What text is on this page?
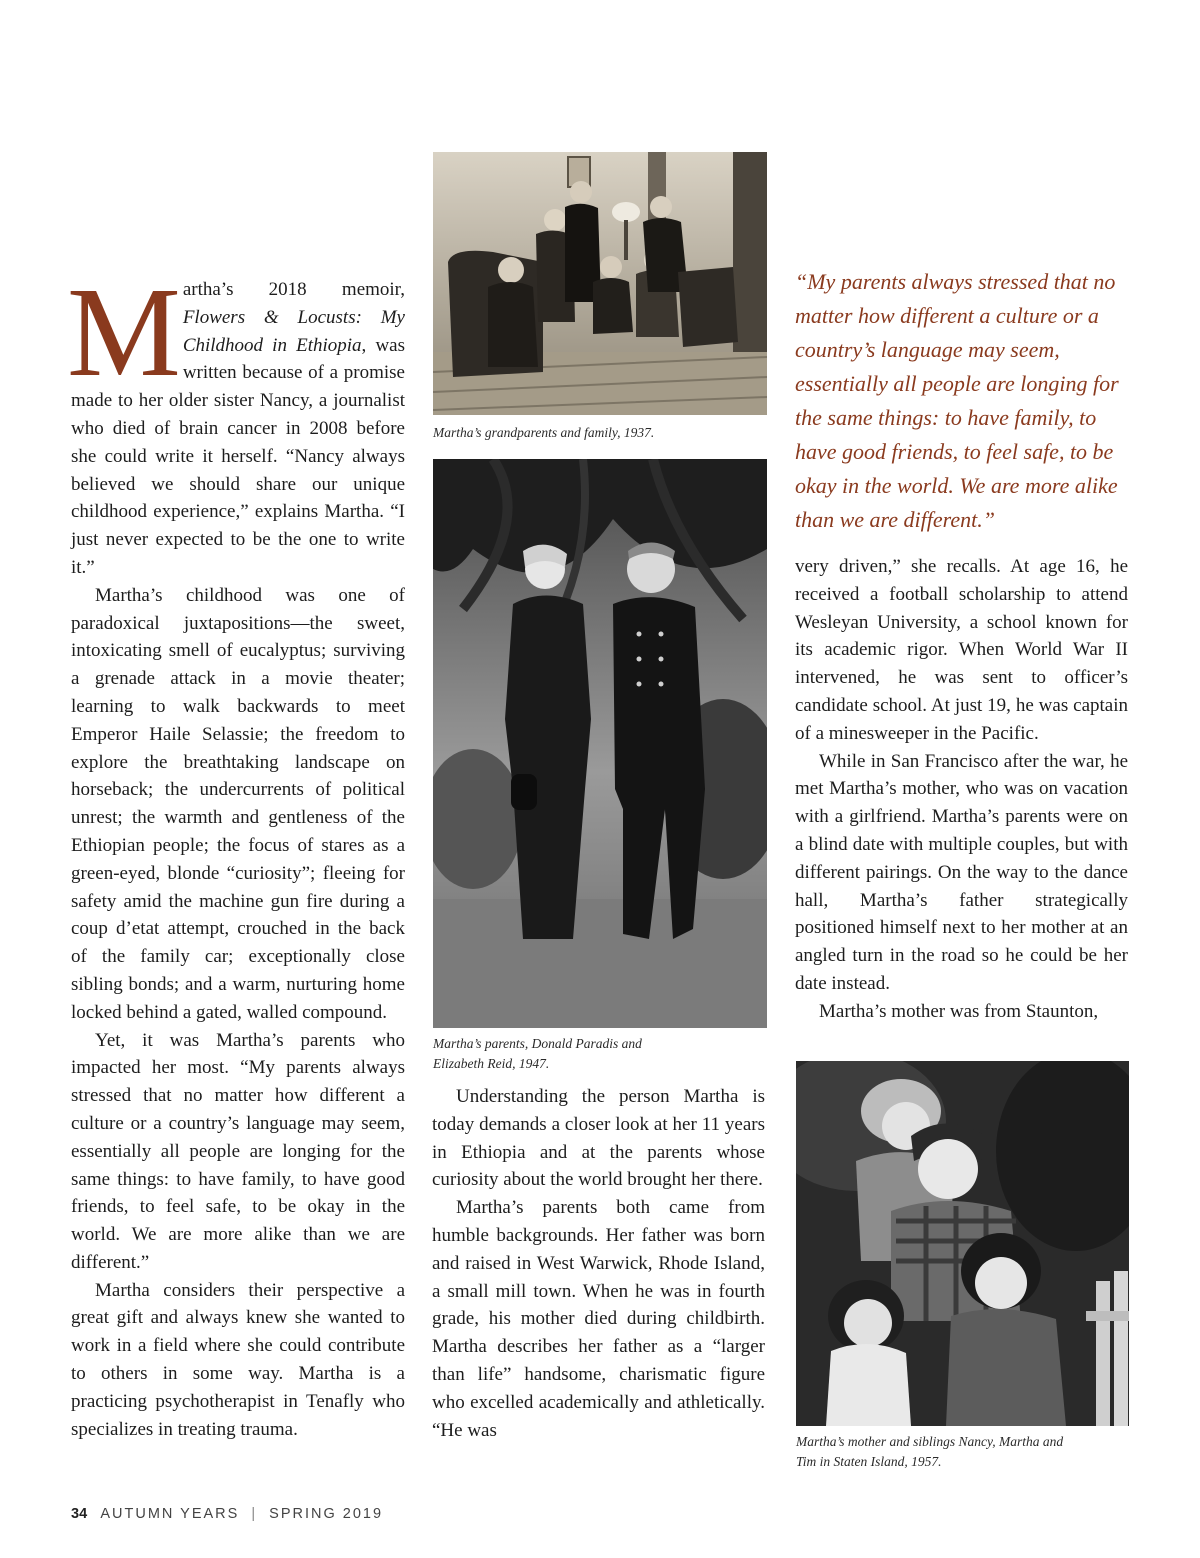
Martha’s 2018 memoir, Flowers & Locusts: My Childhood in Ethiopia, was written because of a promise made to her older sister Nancy, a journalist who died of brain cancer in 2008 before she could write it herself. “Nancy always believed we should share our unique childhood experience,” explains Martha. “I just never expected to be the one to write it.”

Martha’s childhood was one of paradoxical juxtapositions—the sweet, intoxicating smell of eucalyptus; surviving a grenade attack in a movie theater; learning to walk backwards to meet Emperor Haile Selassie; the freedom to explore the breathtaking landscape on horseback; the undercurrents of political unrest; the warmth and gentleness of the Ethiopian people; the focus of stares as a green-eyed, blonde “curiosity”; fleeing for safety amid the machine gun fire during a coup d’etat attempt, crouched in the back of the family car; exceptionally close sibling bonds; and a warm, nurturing home locked behind a gated, walled compound.

Yet, it was Martha’s parents who impacted her most. “My parents always stressed that no matter how different a culture or a country’s language may seem, essentially all people are longing for the same things: to have family, to have good friends, to feel safe, to be okay in the world. We are more alike than we are different.”

Martha considers their perspective a great gift and always knew she wanted to work in a field where she could contribute to others in some way. Martha is a practicing psychotherapist in Tenafly who specializes in treating trauma.

Martha’s grandparents and family, 1937.
Martha’s parents, Donald Paradis and
Elizabeth Reid, 1947.

Understanding the person Martha is today demands a closer look at her 11 years in Ethiopia and at the parents whose curiosity about the world brought her there.

Martha’s parents both came from humble backgrounds. Her father was born and raised in West Warwick, Rhode Island, a small mill town. When he was in fourth grade, his mother died during childbirth. Martha describes her father as a “larger than life” handsome, charismatic figure who excelled academically and athletically. “He was

“My parents always stressed that no matter how different a culture or a country’s language may seem, essentially all people are longing for the same things: to have family, to have good friends, to feel safe, to be okay in the world. We are more alike than we are different.”

very driven,” she recalls. At age 16, he received a football scholarship to attend Wesleyan University, a school known for its academic rigor. When World War II intervened, he was sent to officer’s candidate school. At just 19, he was captain of a minesweeper in the Pacific.

While in San Francisco after the war, he met Martha’s mother, who was on vacation with a girlfriend. Martha’s parents were on a blind date with multiple couples, but with different pairings. On the way to the dance hall, Martha’s father strategically positioned himself next to her mother at an angled turn in the road so he could be her date instead.

Martha’s mother was from Staunton,

Martha’s mother and siblings Nancy, Martha and
Tim in Staten Island, 1957.
34 AUTUMN YEARS | SPRING 2019
